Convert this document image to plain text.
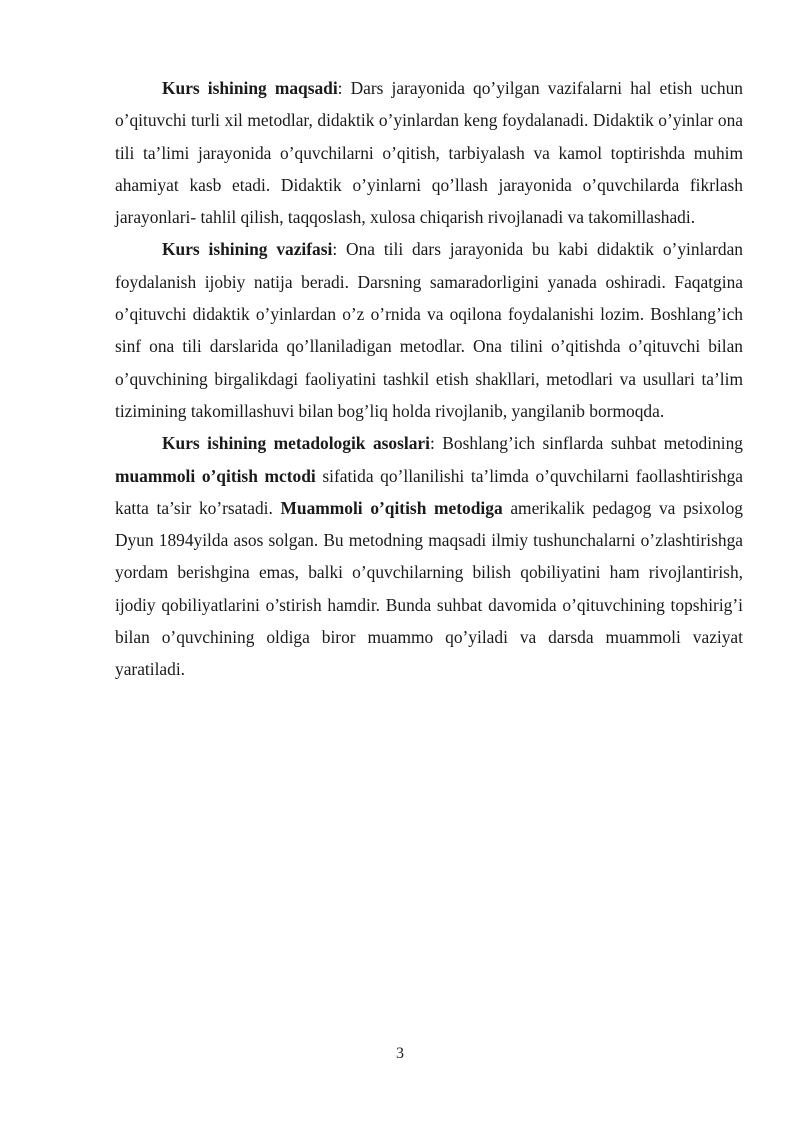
Kurs ishining maqsadi: Dars jarayonida qo’yilgan vazifalarni hal etish uchun o’qituvchi turli xil metodlar, didaktik o’yinlardan keng foydalanadi. Didaktik o’yinlar ona tili ta’limi jarayonida o’quvchilarni o’qitish, tarbiyalash va kamol toptirishda muhim ahamiyat kasb etadi. Didaktik o’yinlarni qo’llash jarayonida o’quvchilarda fikrlash jarayonlari- tahlil qilish, taqqoslash, xulosa chiqarish rivojlanadi va takomillashadi.

Kurs ishining vazifasi: Ona tili dars jarayonida bu kabi didaktik o’yinlardan foydalanish ijobiy natija beradi. Darsning samaradorligini yanada oshiradi. Faqatgina o’qituvchi didaktik o’yinlardan o’z o’rnida va oqilona foydalanishi lozim. Boshlang’ich sinf ona tili darslarida qo’llaniladigan metodlar. Ona tilini o’qitishda o’qituvchi bilan o’quvchining birgalikdagi faoliyatini tashkil etish shakllari, metodlari va usullari ta’lim tizimining takomillashuvi bilan bog’liq holda rivojlanib, yangilanib bormoqda.

Kurs ishining metadologik asoslari: Boshlang’ich sinflarda suhbat metodining muammoli o’qitish mctodi sifatida qo’llanilishi ta’limda o’quvchilarni faollashtirishga katta ta’sir ko’rsatadi. Muammoli o’qitish metodiga amerikalik pedagog va psixolog Dyun 1894yilda asos solgan. Bu metodning maqsadi ilmiy tushunchalarni o’zlashtirishga yordam berishgina emas, balki o’quvchilarning bilish qobiliyatini ham rivojlantirish, ijodiy qobiliyatlarini o’stirish hamdir. Bunda suhbat davomida o’qituvchining topshirig’i bilan o’quvchining oldiga biror muammo qo’yiladi va darsda muammoli vaziyat yaratiladi.

3
